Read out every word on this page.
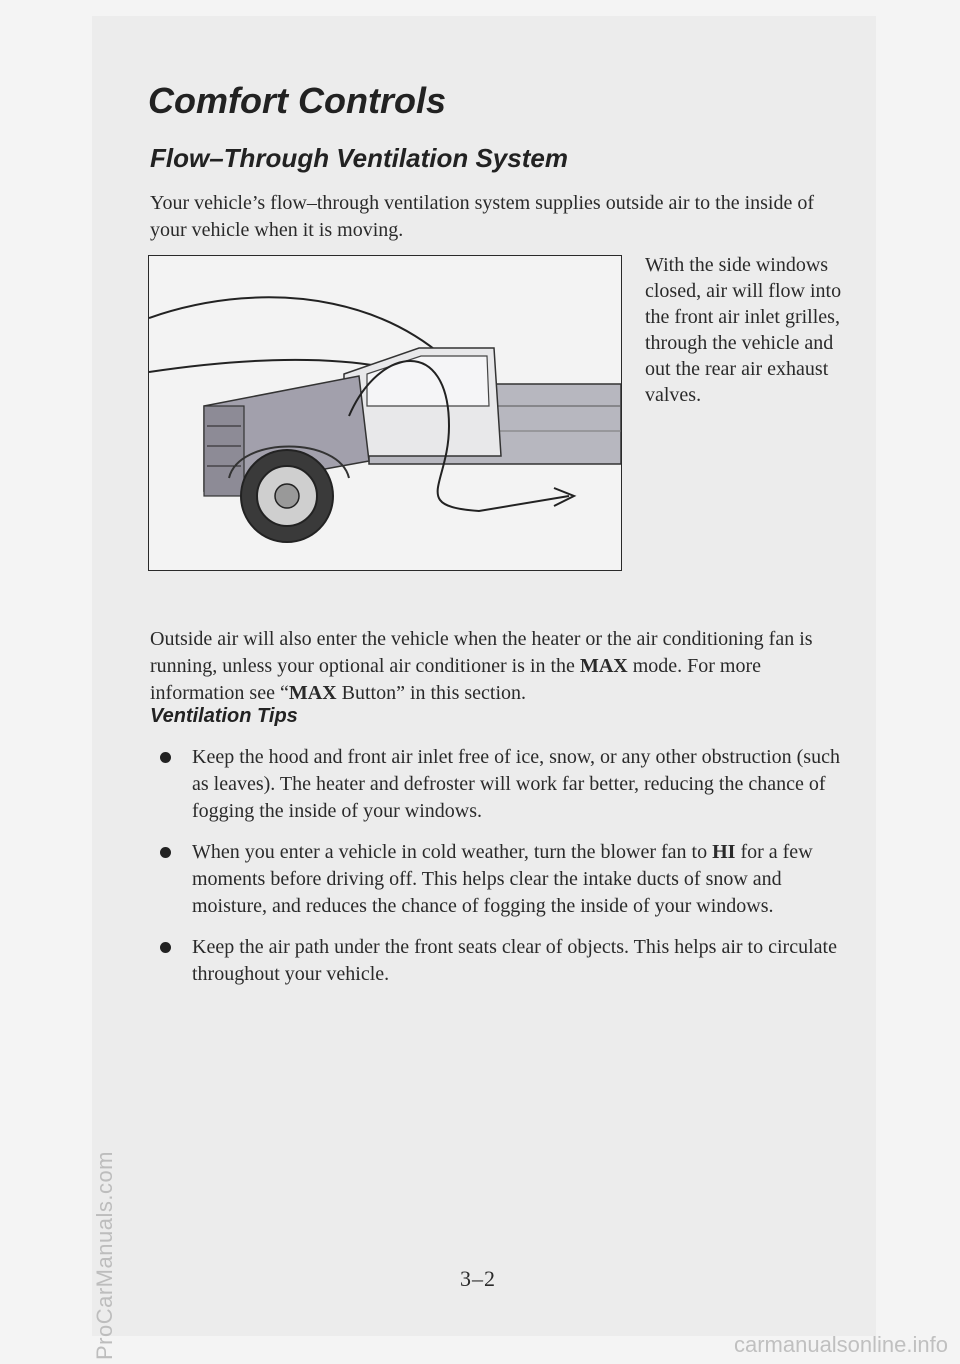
Comfort Controls
Flow–Through Ventilation System
Your vehicle’s flow–through ventilation system supplies outside air to the inside of your vehicle when it is moving.
With the side windows closed, air will flow into the front air inlet grilles, through the vehicle and out the rear air exhaust valves.
Outside air will also enter the vehicle when the heater or the air conditioning fan is running, unless your optional air conditioner is in the MAX mode. For more information see “MAX Button” in this section.
Ventilation Tips
Keep the hood and front air inlet free of ice, snow, or any other obstruction (such as leaves). The heater and defroster will work far better, reducing the chance of fogging the inside of your windows.
When you enter a vehicle in cold weather, turn the blower fan to HI for a few moments before driving off. This helps clear the intake ducts of snow and moisture, and reduces the chance of fogging the inside of your windows.
Keep the air path under the front seats clear of objects. This helps air to circulate throughout your vehicle.
3–2
ProCarManuals.com	carmanualsonline.info
